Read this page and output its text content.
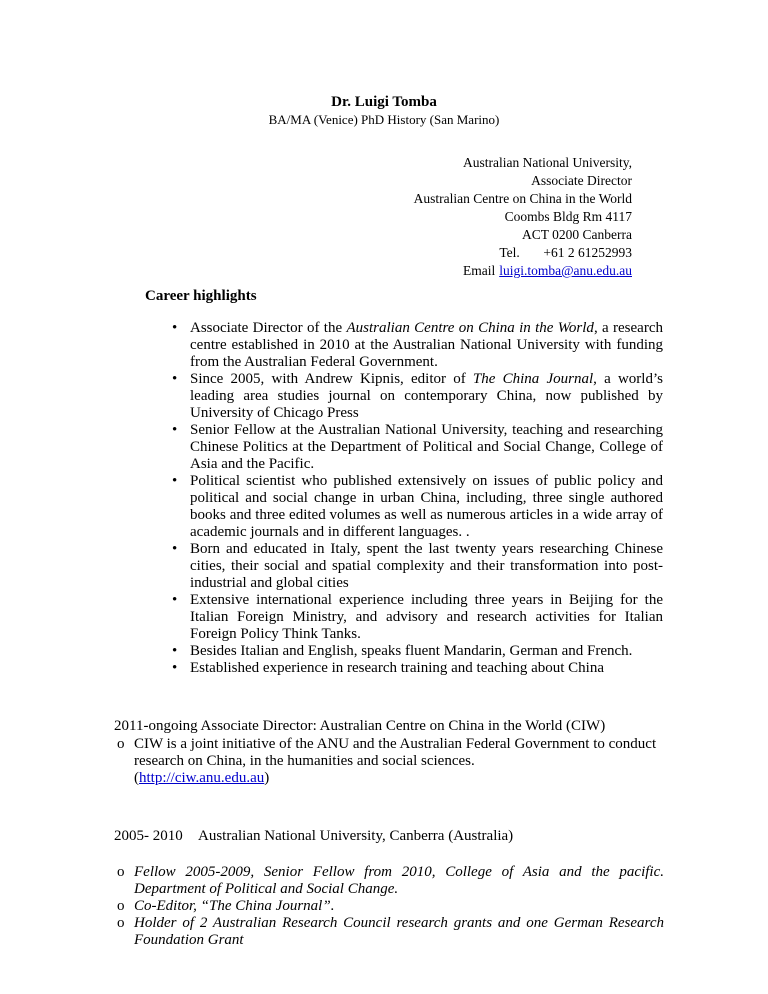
Dr. Luigi Tomba
BA/MA (Venice) PhD History (San Marino)
Australian National University,
Associate Director
Australian Centre on China in the World
Coombs Bldg Rm 4117
ACT 0200 Canberra
Tel. +61 2 61252993
Email luigi.tomba@anu.edu.au
Career highlights
• Associate Director of the Australian Centre on China in the World, a research centre established in 2010 at the Australian National University with funding from the Australian Federal Government.
• Since 2005, with Andrew Kipnis, editor of The China Journal, a world’s leading area studies journal on contemporary China, now published by University of Chicago Press
• Senior Fellow at the Australian National University, teaching and researching Chinese Politics at the Department of Political and Social Change, College of Asia and the Pacific.
• Political scientist who published extensively on issues of public policy and political and social change in urban China, including, three single authored books and three edited volumes as well as numerous articles in a wide array of academic journals and in different languages. .
• Born and educated in Italy, spent the last twenty years researching Chinese cities, their social and spatial complexity and their transformation into post-industrial and global cities
• Extensive international experience including three years in Beijing for the Italian Foreign Ministry, and advisory and research activities for Italian Foreign Policy Think Tanks.
• Besides Italian and English, speaks fluent Mandarin, German and French.
• Established experience in research training and teaching about China
2011-ongoing Associate Director: Australian Centre on China in the World (CIW)
o CIW is a joint initiative of the ANU and the Australian Federal Government to conduct research on China, in the humanities and social sciences.
(http://ciw.anu.edu.au)
2005- 2010 Australian National University, Canberra (Australia)
o Fellow 2005-2009, Senior Fellow from 2010, College of Asia and the pacific. Department of Political and Social Change.
o Co-Editor, “The China Journal”.
o Holder of 2 Australian Research Council research grants and one German Research Foundation Grant
